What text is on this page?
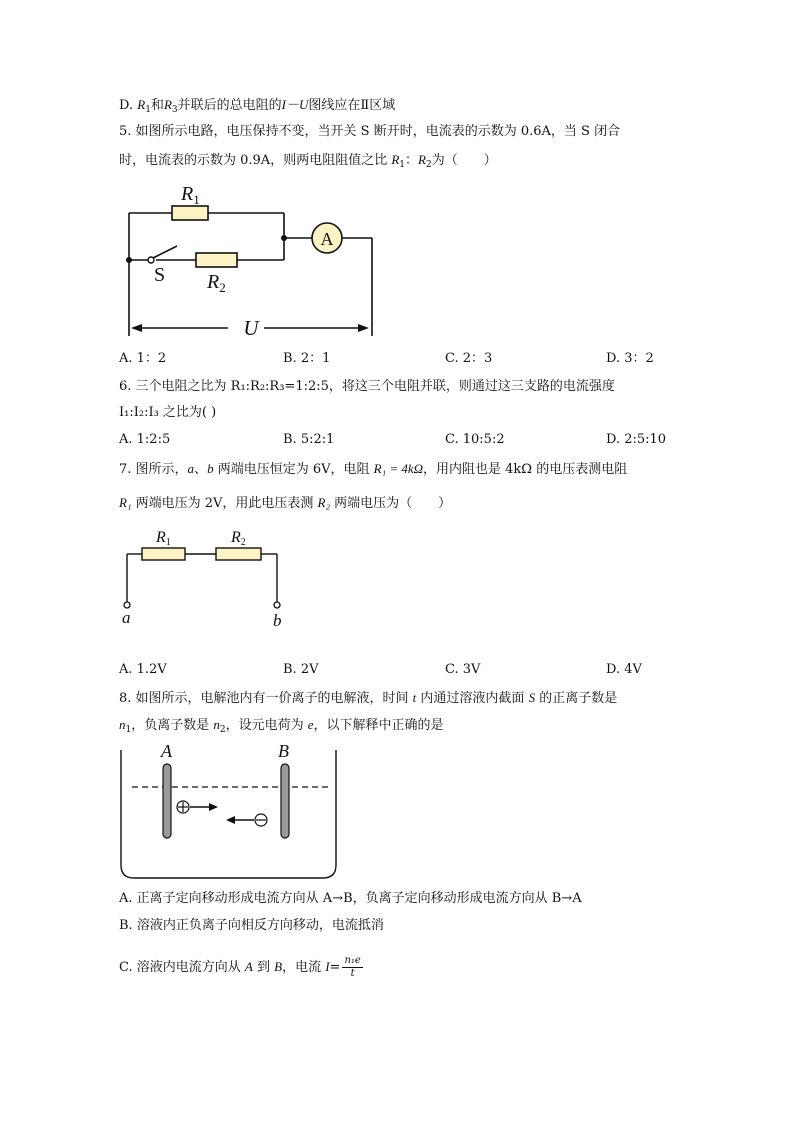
D. $R_1$和$R_3$并联后的总电阻的I－U图线应在Ⅱ区域
5. 如图所示电路，电压保持不变，当开关 S 断开时，电流表的示数为 0.6A，当 S 闭合
时，电流表的示数为 0.9A，则两电阻阻值之比 $R_1$：$R_2$为（　　）
A
$R_1$
$R_2$
S
U
A. 1：2	B. 2：1	C. 2：3	D. 3：2
6. 三个电阻之比为 R₁:R₂:R₃=1:2:5，将这三个电阻并联，则通过这三支路的电流强度
I₁:I₂:I₃ 之比为( )
A. 1:2:5	B. 5:2:1	C. 10:5:2	D. 2:5:10
7. 图所示，a、b 两端电压恒定为 6V，电阻 R₁ = 4kΩ，用内阻也是 4kΩ 的电压表测电阻
R₁ 两端电压为 2V，用此电压表测 R₂ 两端电压为（　　）
R1	R2
a	b
A. 1.2V	B. 2V	C. 3V	D. 4V
8. 如图所示，电解池内有一价离子的电解液，时间 t 内通过溶液内截面 S 的正离子数是
$n_1$，负离子数是 $n_2$，设元电荷为 e，以下解释中正确的是
A	B
A. 正离子定向移动形成电流方向从 A→B，负离子定向移动形成电流方向从 B→A
B. 溶液内正负离子向相反方向移动，电流抵消
C. 溶液内电流方向从 A 到 B，电流 $I= \frac{\text{n₁e}}{t}$
